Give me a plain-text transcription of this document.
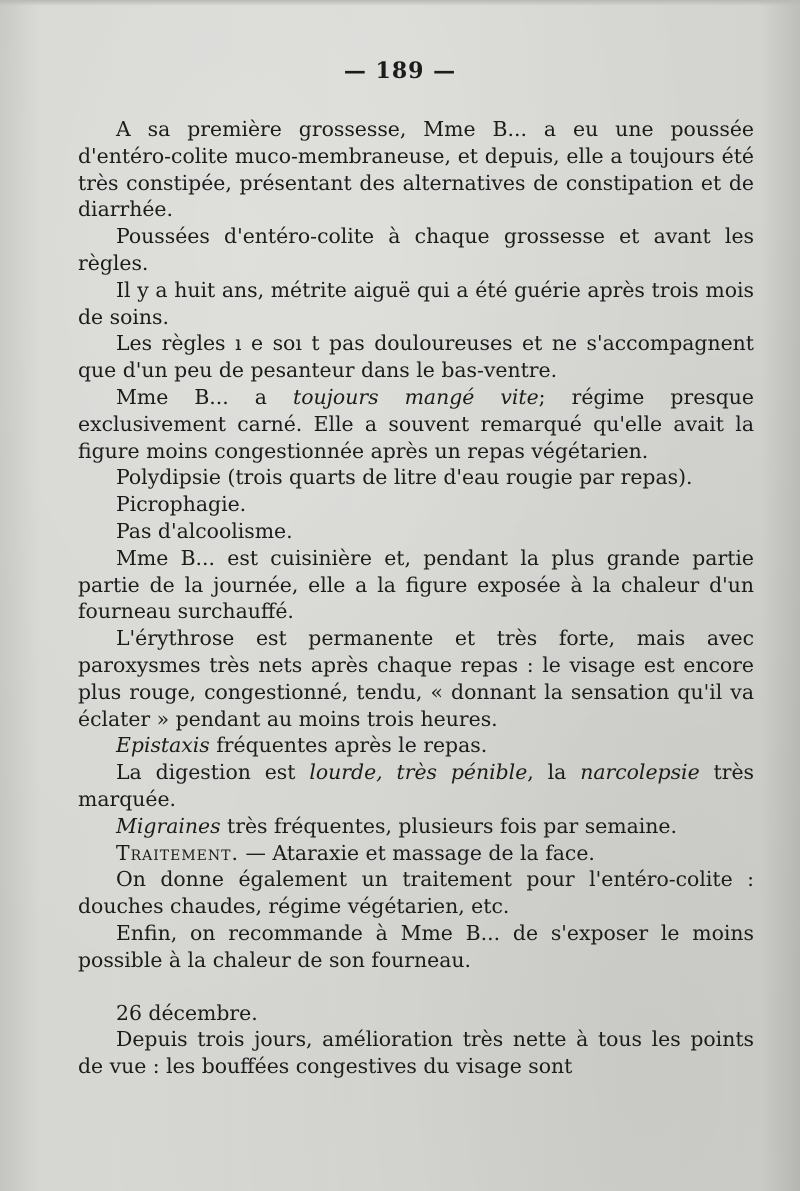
— 189 —

A sa première grossesse, Mme B... a eu une poussée d'entéro-colite muco-membraneuse, et depuis, elle a toujours été très constipée, présentant des alternatives de constipation et de diarrhée.

Poussées d'entéro-colite à chaque grossesse et avant les règles.

Il y a huit ans, métrite aiguë qui a été guérie après trois mois de soins.

Les règles ı e soı t pas douloureuses et ne s'accompagnent que d'un peu de pesanteur dans le bas-ventre.

Mme B... a toujours mangé vite; régime presque exclusivement carné. Elle a souvent remarqué qu'elle avait la figure moins congestionnée après un repas végétarien.

Polydipsie (trois quarts de litre d'eau rougie par repas).

Picrophagie.

Pas d'alcoolisme.

Mme B... est cuisinière et, pendant la plus grande partie partie de la journée, elle a la figure exposée à la chaleur d'un fourneau surchauffé.

L'érythrose est permanente et très forte, mais avec paroxysmes très nets après chaque repas : le visage est encore plus rouge, congestionné, tendu, « donnant la sensation qu'il va éclater » pendant au moins trois heures.

Epistaxis fréquentes après le repas.

La digestion est lourde, très pénible, la narcolepsie très marquée.

Migraines très fréquentes, plusieurs fois par semaine.

Traitement. — Ataraxie et massage de la face.

On donne également un traitement pour l'entéro-colite : douches chaudes, régime végétarien, etc.

Enfin, on recommande à Mme B... de s'exposer le moins possible à la chaleur de son fourneau.

26 décembre.

Depuis trois jours, amélioration très nette à tous les points de vue : les bouffées congestives du visage sont
